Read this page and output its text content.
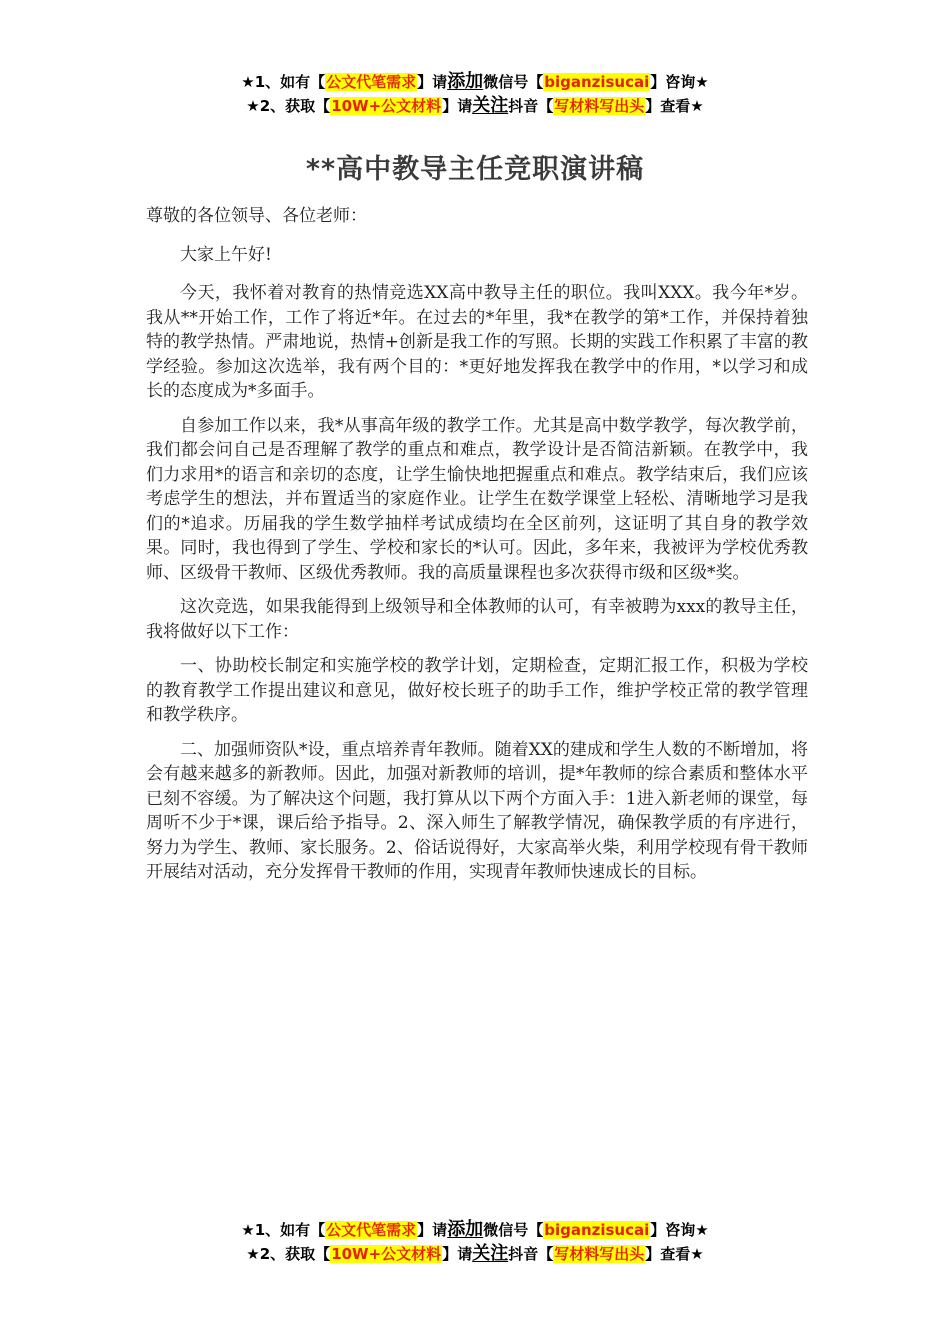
★1、如有【公文代笔需求】请添加微信号【biganzisucai】咨询★
★2、获取【10W+公文材料】请关注抖音【写材料写出头】查看★
**高中教导主任竞职演讲稿

尊敬的各位领导、各位老师：

大家上午好!

今天，我怀着对教育的热情竞选XX高中教导主任的职位。我叫XXX。我今年*岁。我从**开始工作，工作了将近*年。在过去的*年里，我*在教学的第*工作，并保持着独特的教学热情。严肃地说，热情+创新是我工作的写照。长期的实践工作积累了丰富的教学经验。参加这次选举，我有两个目的：*更好地发挥我在教学中的作用，*以学习和成长的态度成为*多面手。

自参加工作以来，我*从事高年级的教学工作。尤其是高中数学教学，每次教学前，我们都会问自己是否理解了教学的重点和难点，教学设计是否简洁新颖。在教学中，我们力求用*的语言和亲切的态度，让学生愉快地把握重点和难点。教学结束后，我们应该考虑学生的想法，并布置适当的家庭作业。让学生在数学课堂上轻松、清晰地学习是我们的*追求。历届我的学生数学抽样考试成绩均在全区前列，这证明了其自身的教学效果。同时，我也得到了学生、学校和家长的*认可。因此，多年来，我被评为学校优秀教师、区级骨干教师、区级优秀教师。我的高质量课程也多次获得市级和区级*奖。

这次竞选，如果我能得到上级领导和全体教师的认可，有幸被聘为xxx的教导主任，我将做好以下工作：

一、协助校长制定和实施学校的教学计划，定期检查，定期汇报工作，积极为学校的教育教学工作提出建议和意见，做好校长班子的助手工作，维护学校正常的教学管理和教学秩序。

二、加强师资队*设，重点培养青年教师。随着XX的建成和学生人数的不断增加，将会有越来越多的新教师。因此，加强对新教师的培训，提*年教师的综合素质和整体水平已刻不容缓。为了解决这个问题，我打算从以下两个方面入手：1进入新老师的课堂，每周听不少于*课，课后给予指导。2、深入师生了解教学情况，确保教学质的有序进行，努力为学生、教师、家长服务。2、俗话说得好，大家高举火柴，利用学校现有骨干教师开展结对活动，充分发挥骨干教师的作用，实现青年教师快速成长的目标。

★1、如有【公文代笔需求】请添加微信号【biganzisucai】咨询★
★2、获取【10W+公文材料】请关注抖音【写材料写出头】查看★
